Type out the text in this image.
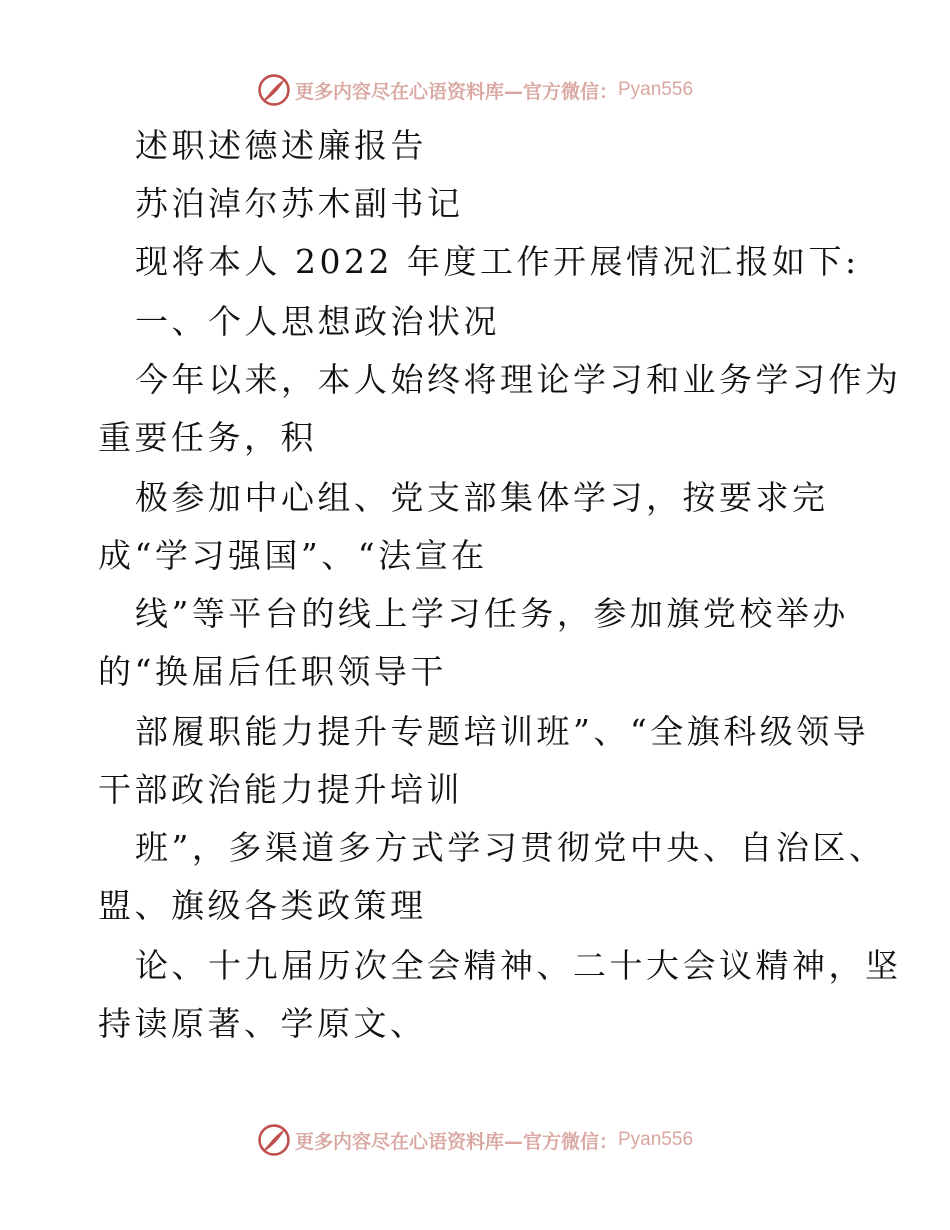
更多内容尽在心语资料库—官方微信： Pyan556
述职述德述廉报告
苏泊淖尔苏木副书记
现将本人 2022 年度工作开展情况汇报如下:
一、个人思想政治状况
今年以来，本人始终将理论学习和业务学习作为
重要任务，积
极参加中心组、党支部集体学习，按要求完
成“学习强国”、“法宣在
线”等平台的线上学习任务，参加旗党校举办
的“换届后任职领导干
部履职能力提升专题培训班”、“全旗科级领导
干部政治能力提升培训
班”，多渠道多方式学习贯彻党中央、自治区、
盟、旗级各类政策理
论、十九届历次全会精神、二十大会议精神，坚
持读原著、学原文、
更多内容尽在心语资料库—官方微信： Pyan556
